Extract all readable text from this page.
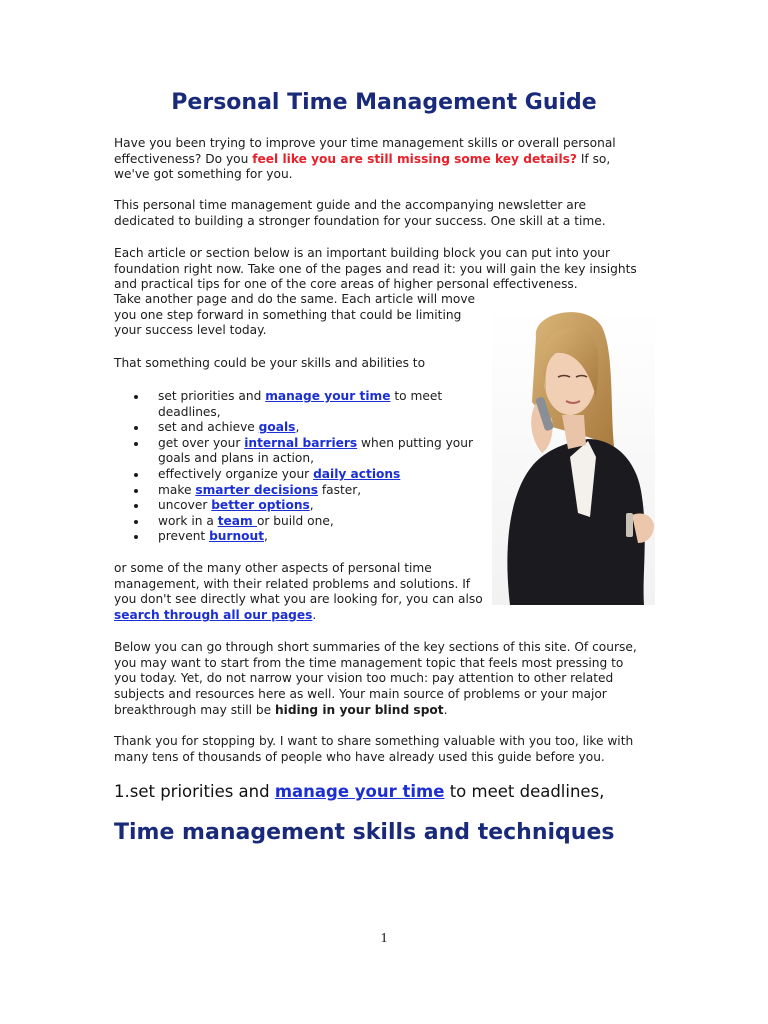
Personal Time Management Guide

Have you been trying to improve your time management skills or overall personal effectiveness? Do you feel like you are still missing some key details? If so, we've got something for you.

This personal time management guide and the accompanying newsletter are dedicated to building a stronger foundation for your success. One skill at a time.

Each article or section below is an important building block you can put into your foundation right now. Take one of the pages and read it: you will gain the key insights and practical tips for one of the core areas of higher personal effectiveness.

Take another page and do the same. Each article will move you one step forward in something that could be limiting your success level today.

That something could be your skills and abilities to

set priorities and manage your time to meet deadlines,
set and achieve goals,
get over your internal barriers when putting your goals and plans in action,
effectively organize your daily actions
make smarter decisions faster,
uncover better options,
work in a team or build one,
prevent burnout,

or some of the many other aspects of personal time management, with their related problems and solutions. If you don't see directly what you are looking for, you can also search through all our pages.

Below you can go through short summaries of the key sections of this site. Of course, you may want to start from the time management topic that feels most pressing to you today. Yet, do not narrow your vision too much: pay attention to other related subjects and resources here as well. Your main source of problems or your major breakthrough may still be hiding in your blind spot.

Thank you for stopping by. I want to share something valuable with you too, like with many tens of thousands of people who have already used this guide before you.

1.set priorities and manage your time to meet deadlines,
Time management skills and techniques
1
